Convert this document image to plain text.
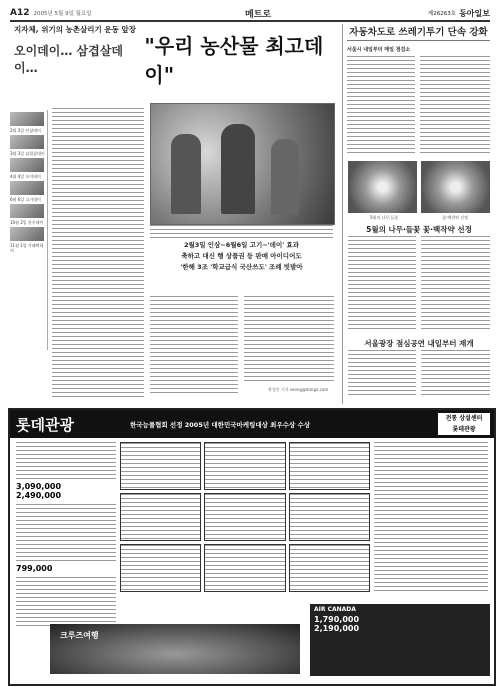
A12 2005년 5월 9일 월요일	메트로	제26263호 동아일보
지자체, 위기의 농촌살리기 운동 앞장
오이데이… 삼겹살데이…
"우리 농산물 최고데이"
2월 3일 인삼데이
3월 3일 삼겹살데이
4월 4일 오이데이
6월 6일 고기데이
10월 2일 한우데이
11월 1일 가래떡데이
2월3일 인삼∼6월6일 고기∼'데이' 효과
축하고 대신 행 상품권 등 판매 아이디어도
'한해 3조 '학교급식 국산쓰도' 조례 빗발아
곽성은 기자 seong@donga.com
자동차도로 쓰레기투기 단속 강화
서울시 내일부터 매일 점검소
5월의 나무·들꽃	꽃·백작약 선정
5월의 나무·들꽃 꽃·백작약 선정
서울광장 점심공연 내일부터 재개
롯데관광	한국능률협회 선정 2005년 대한민국마케팅대상 최우수상 수상
전통 상설센터
롯데관광
3,090,000
2,490,000
799,000
크루즈여행
AIR CANADA
1,790,000
2,190,000
